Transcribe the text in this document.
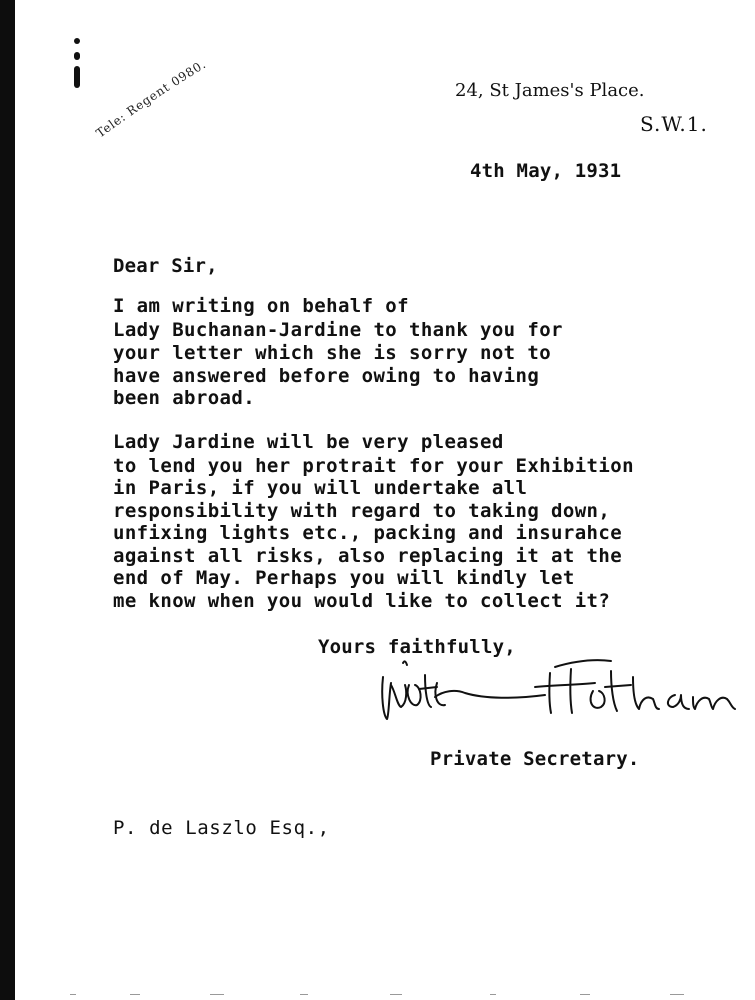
Tele: Regent 0980.
24, St James's Place.
S.W.1.
4th May, 1931
Dear Sir,
I am writing on behalf of
Lady Buchanan-Jardine to thank you for
your letter which she is sorry not to
have answered before owing to having
been abroad.
Lady Jardine will be very pleased
to lend you her protrait for your Exhibition
in Paris, if you will undertake all
responsibility with regard to taking down,
unfixing lights etc., packing and insurahce
against all risks, also replacing it at the
end of May. Perhaps you will kindly let
me know when you would like to collect it?
Yours faithfully,
Private Secretary.
P. de Laszlo Esq.,
